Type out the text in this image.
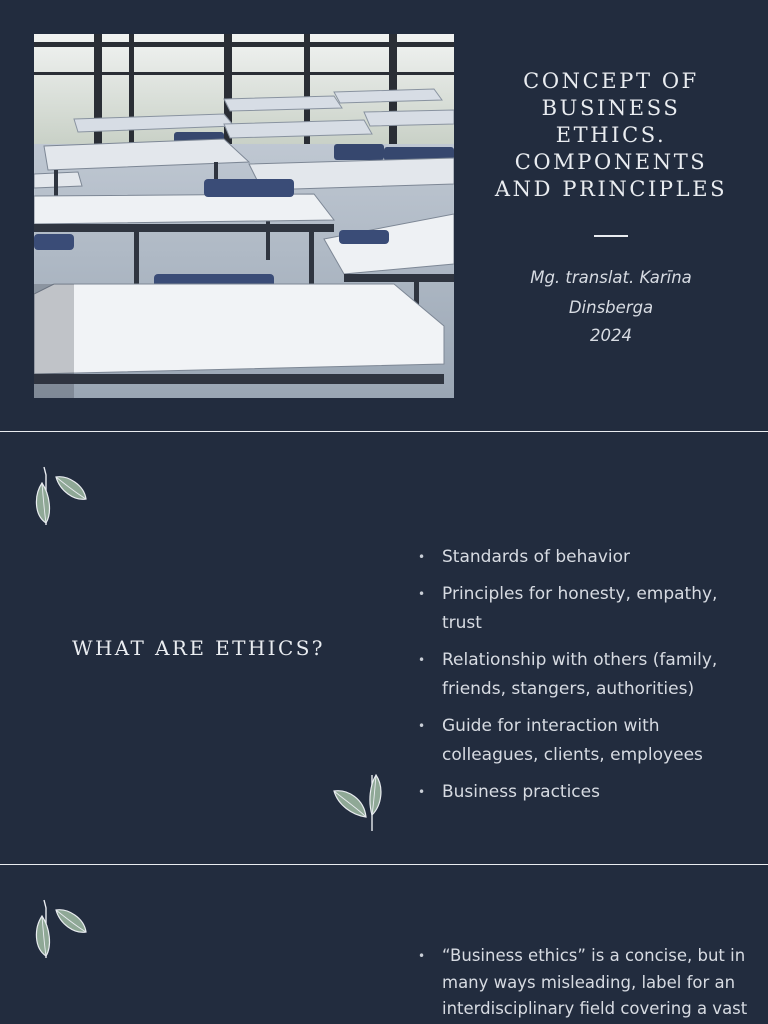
CONCEPT OF
BUSINESS
ETHICS.
COMPONENTS
AND PRINCIPLES
Mg. translat. Karīna
Dinsberga
2024
WHAT ARE ETHICS?
• Standards of behavior
• Principles for honesty, empathy, trust
• Relationship with others (family, friends, stangers, authorities)
• Guide for interaction with colleagues, clients, employees
• Business practices
• “Business ethics” is a concise, but in many ways misleading, label for an interdisciplinary field covering a vast
